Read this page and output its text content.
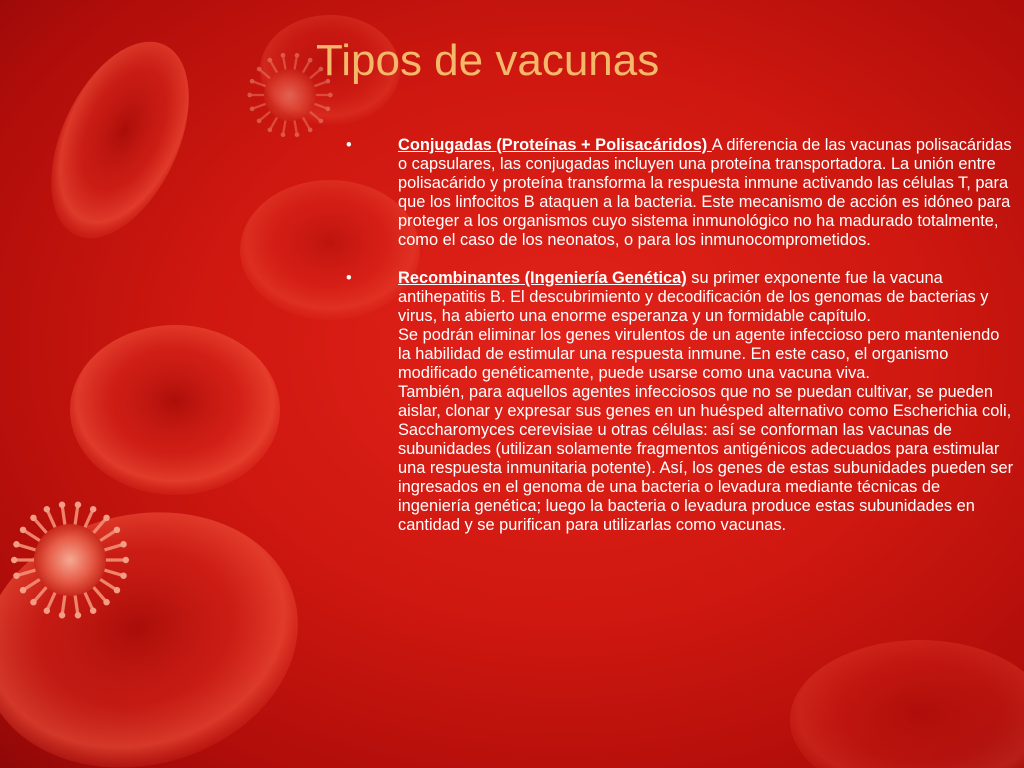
Tipos de vacunas
•	Conjugadas (Proteínas + Polisacáridos) A diferencia de las vacunas polisacáridas o capsulares, las conjugadas incluyen una proteína transportadora. La unión entre polisacárido y proteína transforma la respuesta inmune activando las células T, para que los linfocitos B ataquen a la bacteria. Este mecanismo de acción es idóneo para proteger a los organismos cuyo sistema inmunológico no ha madurado totalmente, como el caso de los neonatos, o para los inmunocomprometidos.
•	Recombinantes (Ingeniería Genética) su primer exponente fue la vacuna antihepatitis B. El descubrimiento y decodificación de los genomas de bacterias y virus, ha abierto una enorme esperanza y un formidable capítulo.
Se podrán eliminar los genes virulentos de un agente infeccioso pero manteniendo la habilidad de estimular una respuesta inmune. En este caso, el organismo modificado genéticamente, puede usarse como una vacuna viva.
También, para aquellos agentes infecciosos que no se puedan cultivar, se pueden aislar, clonar y expresar sus genes en un huésped alternativo como Escherichia coli, Saccharomyces cerevisiae u otras células: así se conforman las vacunas de subunidades (utilizan solamente fragmentos antigénicos adecuados para estimular una respuesta inmunitaria potente). Así, los genes de estas subunidades pueden ser ingresados en el genoma de una bacteria o levadura mediante técnicas de ingeniería genética; luego la bacteria o levadura produce estas subunidades en cantidad y se purifican para utilizarlas como vacunas.
